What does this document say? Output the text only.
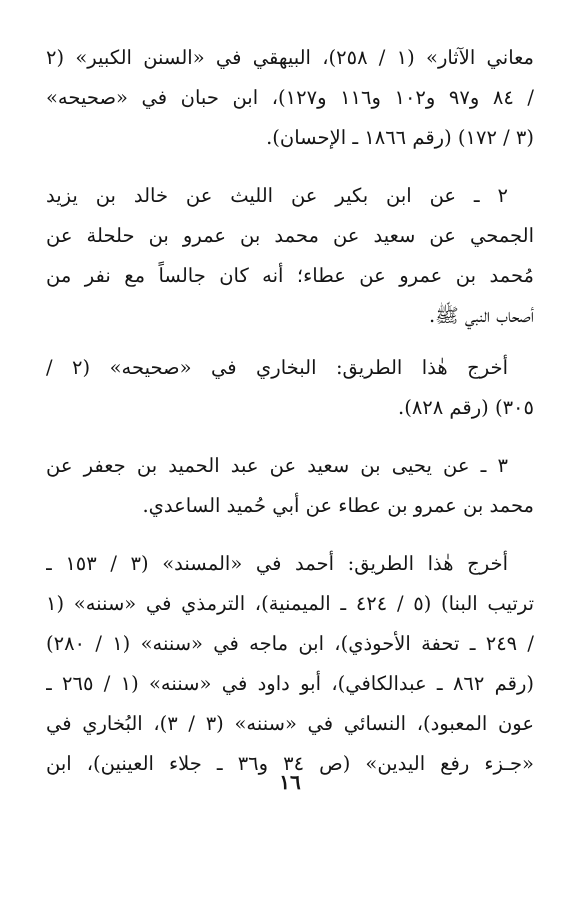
معاني الآثار» (١ / ٢٥٨)، البيهقي في «السنن الكبير» (٢
/ ٨٤ و٩٧ و١٠٢ و١١٦ و١٢٧)، ابن حبان في «صحيحه»
(٣ / ١٧٢) (رقم ١٨٦٦ ـ الإحسان).
٢ ـ عن ابن بكير عن الليث عن خالد بن يزيد
الجمحي عن سعيد عن محمد بن عمرو بن حلحلة عن
مُحمد بن عمرو عن عطاء؛ أنه كان جالساً مع نفر من
أصحاب النبي ﷺ.
أخرج هٰذا الطريق: البخاري في «صحيحه» (٢ /
٣٠٥) (رقم ٨٢٨).
٣ ـ عن يحيى بن سعيد عن عبد الحميد بن جعفر عن
محمد بن عمرو بن عطاء عن أبي حُميد الساعدي.
أخرج هٰذا الطريق: أحمد في «المسند» (٣ / ١٥٣ ـ
ترتيب البنا) (٥ / ٤٢٤ ـ الميمنية)، الترمذي في «سننه» (١
/ ٢٤٩ ـ تحفة الأحوذي)، ابن ماجه في «سننه» (١ / ٢٨٠)
(رقم ٨٦٢ ـ عبدالكافي)، أبو داود في «سننه» (١ / ٢٦٥ ـ
عون المعبود)، النسائي في «سننه» (٣ / ٣)، البُخاري في
«جـزء رفع اليدين» (ص ٣٤ و٣٦ ـ جلاء العينين)، ابن
١٦
